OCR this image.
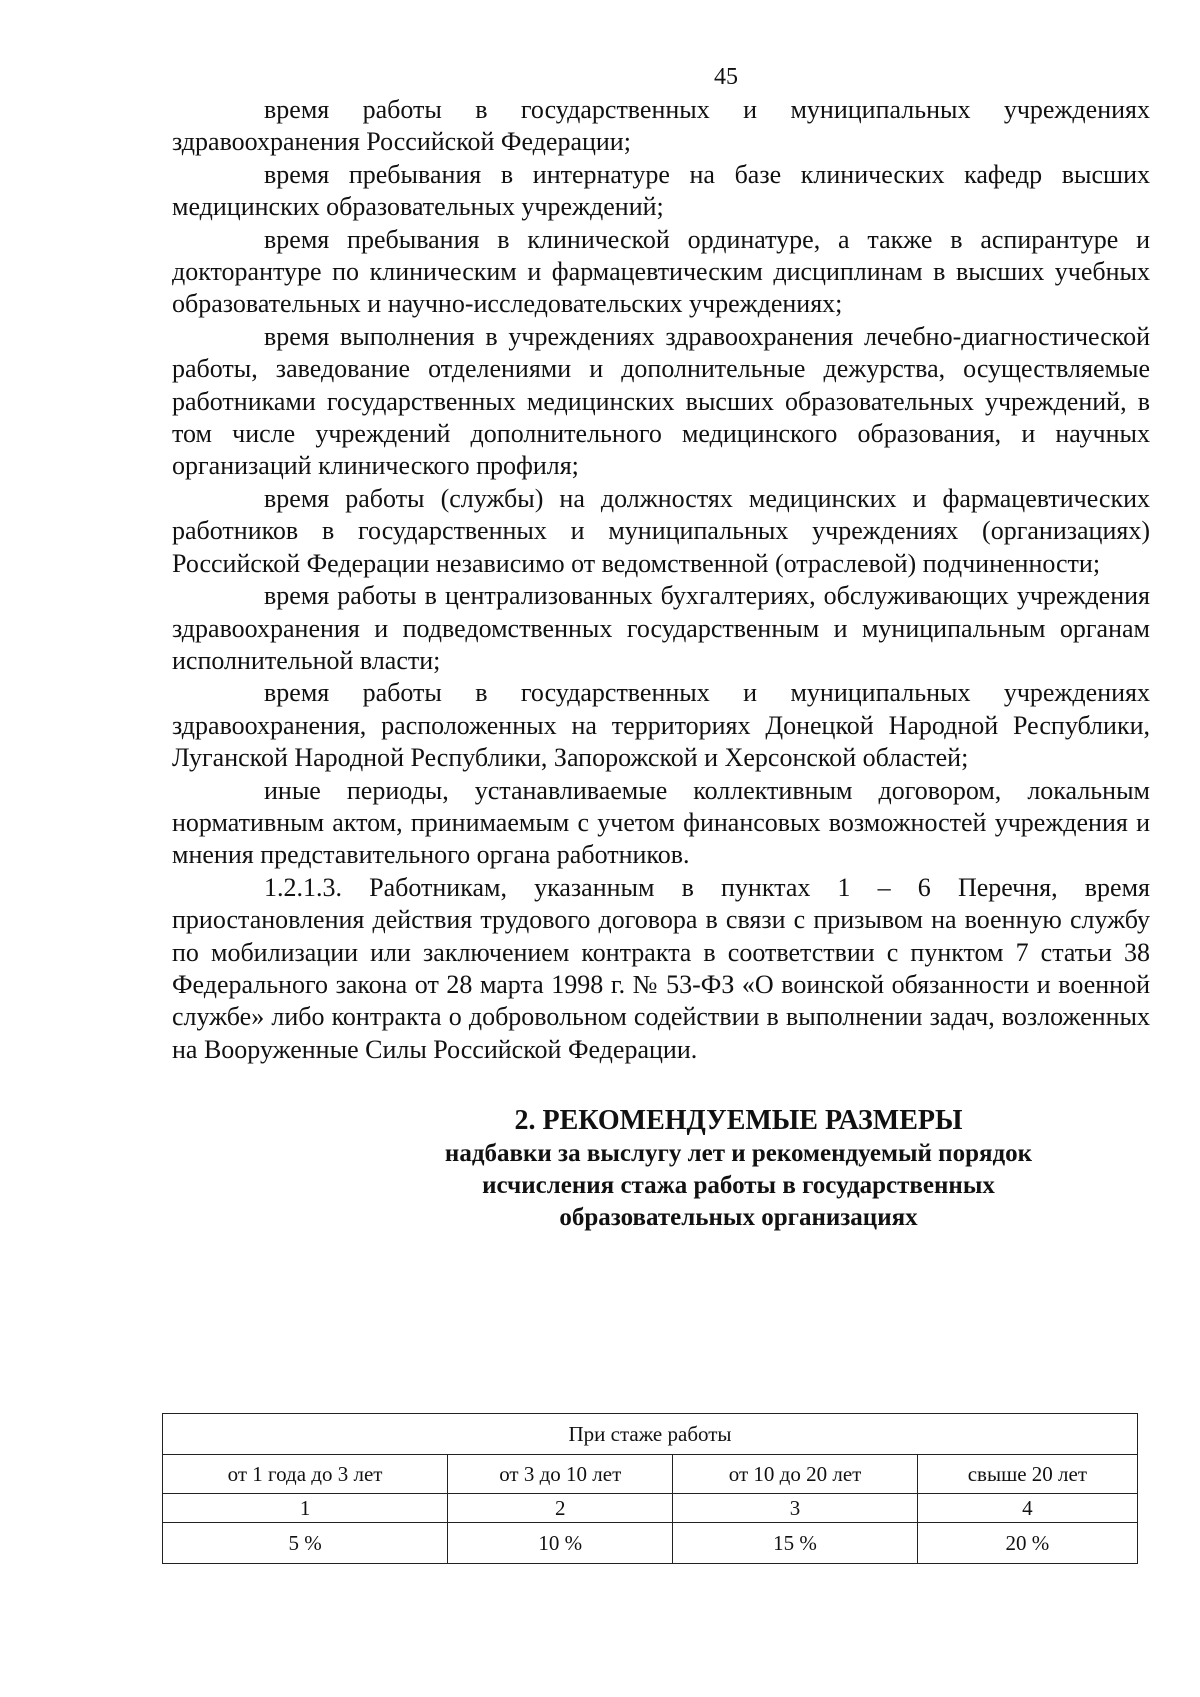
45

время работы в государственных и муниципальных учреждениях здравоохранения Российской Федерации;

время пребывания в интернатуре на базе клинических кафедр высших медицинских образовательных учреждений;

время пребывания в клинической ординатуре, а также в аспирантуре и докторантуре по клиническим и фармацевтическим дисциплинам в высших учебных образовательных и научно-исследовательских учреждениях;

время выполнения в учреждениях здравоохранения лечебно-диагностической работы, заведование отделениями и дополнительные дежурства, осуществляемые работниками государственных медицинских высших образовательных учреждений, в том числе учреждений дополнительного медицинского образования, и научных организаций клинического профиля;

время работы (службы) на должностях медицинских и фармацевтических работников в государственных и муниципальных учреждениях (организациях) Российской Федерации независимо от ведомственной (отраслевой) подчиненности;

время работы в централизованных бухгалтериях, обслуживающих учреждения здравоохранения и подведомственных государственным и муниципальным органам исполнительной власти;

время работы в государственных и муниципальных учреждениях здравоохранения, расположенных на территориях Донецкой Народной Республики, Луганской Народной Республики, Запорожской и Херсонской областей;

иные периоды, устанавливаемые коллективным договором, локальным нормативным актом, принимаемым с учетом финансовых возможностей учреждения и мнения представительного органа работников.

1.2.1.3. Работникам, указанным в пунктах 1 – 6 Перечня, время приостановления действия трудового договора в связи с призывом на военную службу по мобилизации или заключением контракта в соответствии с пунктом 7 статьи 38 Федерального закона от 28 марта 1998 г. № 53-ФЗ «О воинской обязанности и военной службе» либо контракта о добровольном содействии в выполнении задач, возложенных на Вооруженные Силы Российской Федерации.

2. РЕКОМЕНДУЕМЫЕ РАЗМЕРЫ

надбавки за выслугу лет и рекомендуемый порядок

исчисления стажа работы в государственных

образовательных организациях

При стаже работы			
от 1 года до 3 лет	от 3 до 10 лет	от 10 до 20 лет	свыше 20 лет
1	2	3	4
5 %	10 %	15 %	20 %
